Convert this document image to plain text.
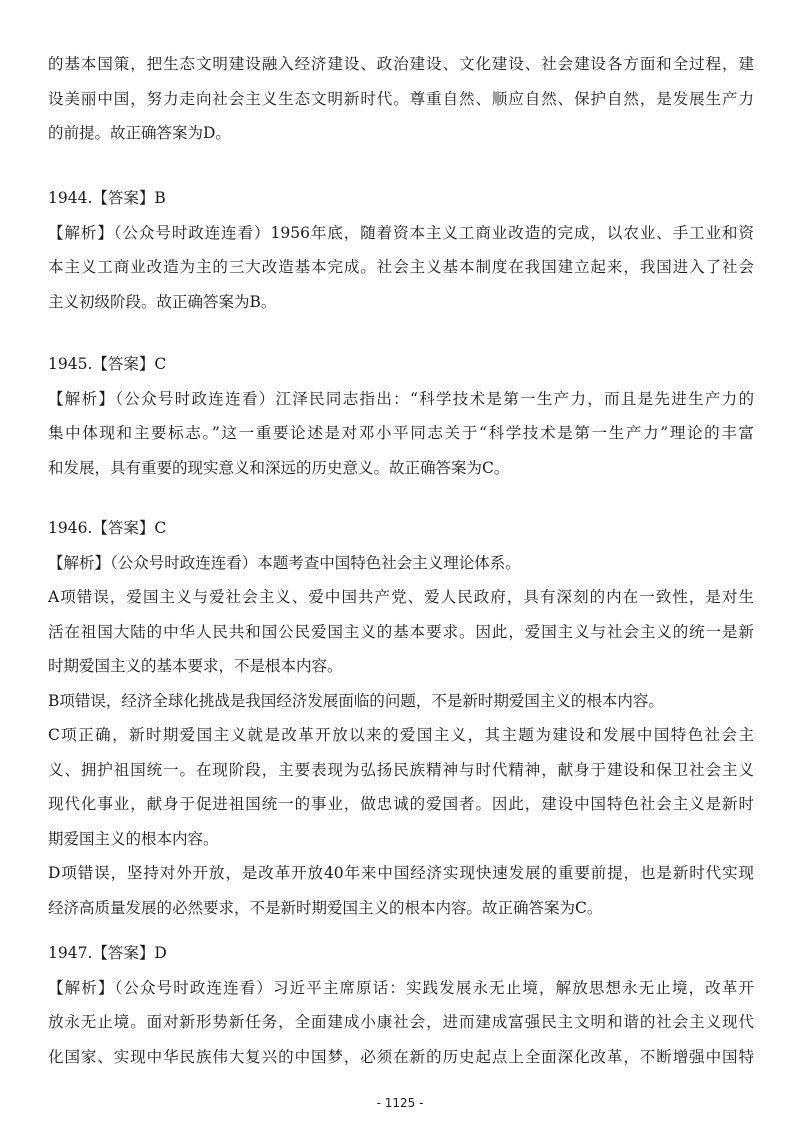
的基本国策，把生态文明建设融入经济建设、政治建设、文化建设、社会建设各方面和全过程，建
设美丽中国，努力走向社会主义生态文明新时代。尊重自然、顺应自然、保护自然，是发展生产力
的前提。故正确答案为D。
1944.【答案】B
【解析】（公众号时政连连看）1956年底，随着资本主义工商业改造的完成，以农业、手工业和资
本主义工商业改造为主的三大改造基本完成。社会主义基本制度在我国建立起来，我国进入了社会
主义初级阶段。故正确答案为B。
1945.【答案】C
【解析】（公众号时政连连看）江泽民同志指出：“科学技术是第一生产力，而且是先进生产力的
集中体现和主要标志。”这一重要论述是对邓小平同志关于“科学技术是第一生产力”理论的丰富
和发展，具有重要的现实意义和深远的历史意义。故正确答案为C。
1946.【答案】C
【解析】（公众号时政连连看）本题考查中国特色社会主义理论体系。
A项错误，爱国主义与爱社会主义、爱中国共产党、爱人民政府，具有深刻的内在一致性，是对生
活在祖国大陆的中华人民共和国公民爱国主义的基本要求。因此，爱国主义与社会主义的统一是新
时期爱国主义的基本要求，不是根本内容。
B项错误，经济全球化挑战是我国经济发展面临的问题，不是新时期爱国主义的根本内容。
C项正确，新时期爱国主义就是改革开放以来的爱国主义，其主题为建设和发展中国特色社会主
义、拥护祖国统一。在现阶段，主要表现为弘扬民族精神与时代精神，献身于建设和保卫社会主义
现代化事业，献身于促进祖国统一的事业，做忠诚的爱国者。因此，建设中国特色社会主义是新时
期爱国主义的根本内容。
D项错误，坚持对外开放，是改革开放40年来中国经济实现快速发展的重要前提，也是新时代实现
经济高质量发展的必然要求，不是新时期爱国主义的根本内容。故正确答案为C。
1947.【答案】D
【解析】（公众号时政连连看）习近平主席原话：实践发展永无止境，解放思想永无止境，改革开
放永无止境。面对新形势新任务，全面建成小康社会，进而建成富强民主文明和谐的社会主义现代
化国家、实现中华民族伟大复兴的中国梦，必须在新的历史起点上全面深化改革，不断增强中国特
- 1125 -
